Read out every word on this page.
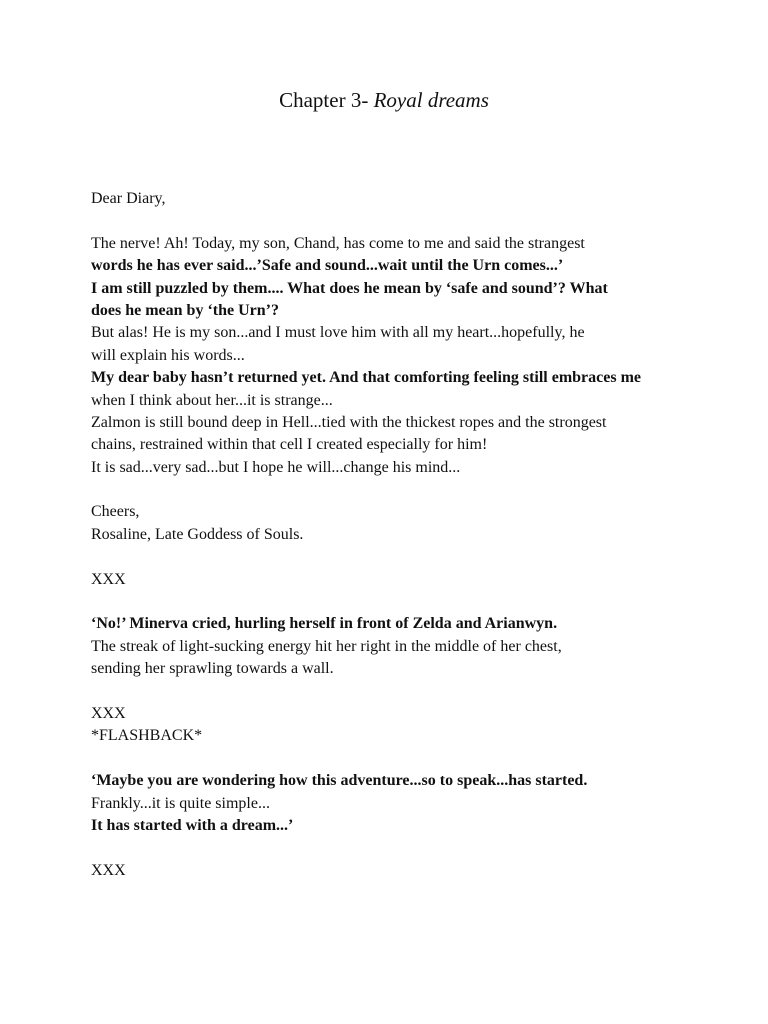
Chapter 3- Royal dreams
Dear Diary,
The nerve! Ah! Today, my son, Chand, has come to me and said the strangest
words he has ever said...’Safe and sound...wait until the Urn comes...’
I am still puzzled by them.... What does he mean by ‘safe and sound’? What
does he mean by ‘the Urn’?
But alas! He is my son...and I must love him with all my heart...hopefully, he
will explain his words...
My dear baby hasn’t returned yet. And that comforting feeling still embraces me
when I think about her...it is strange...
Zalmon is still bound deep in Hell...tied with the thickest ropes and the strongest
chains, restrained within that cell I created especially for him!
It is sad...very sad...but I hope he will...change his mind...
Cheers,
Rosaline, Late Goddess of Souls.
XXX
‘No!’ Minerva cried, hurling herself in front of Zelda and Arianwyn.
The streak of light-sucking energy hit her right in the middle of her chest,
sending her sprawling towards a wall.
XXX
*FLASHBACK*
‘Maybe you are wondering how this adventure...so to speak...has started.
Frankly...it is quite simple...
It has started with a dream...’
XXX
